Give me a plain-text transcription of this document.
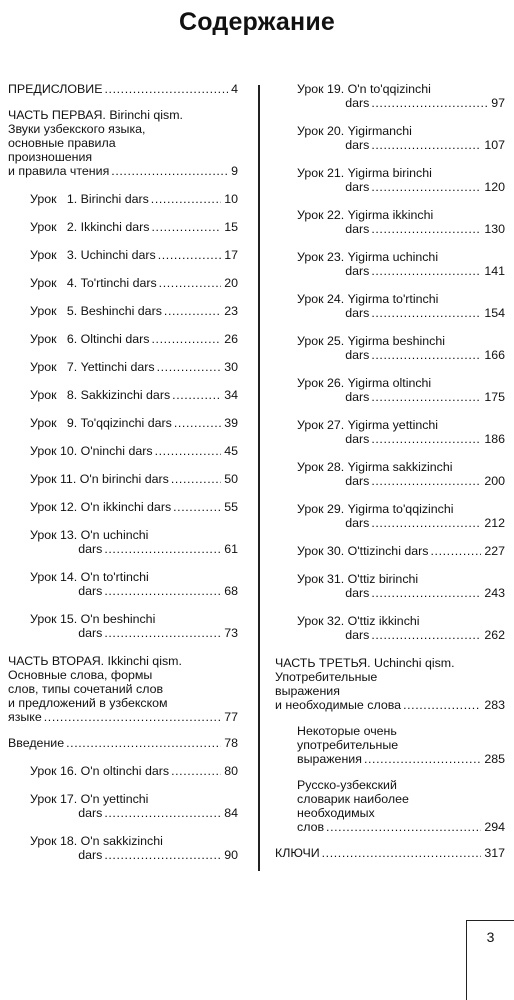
Содержание
ПРЕДИСЛОВИЕ .....	4
ЧАСТЬ ПЕРВАЯ. Birinchi qism.
Звуки узбекского языка,
основные правила
произношения
и правила чтения .....	9
Урок   1. Birinchi dars .....	10
Урок   2. Ikkinchi dars .....	15
Урок   3. Uchinchi dars .....	17
Урок   4. To'rtinchi dars .....	20
Урок   5. Beshinchi dars .....	23
Урок   6. Oltinchi dars .....	26
Урок   7. Yettinchi dars .....	30
Урок   8. Sakkizinchi dars .....	34
Урок   9. To'qqizinchi dars .....	39
Урок 10. O'ninchi dars .....	45
Урок 11. O'n birinchi dars .....	50
Урок 12. O'n ikkinchi dars .....	55
Урок 13. O'n uchinchi
dars .....	61
Урок 14. O'n to'rtinchi
dars .....	68
Урок 15. O'n beshinchi
dars .....	73
ЧАСТЬ ВТОРАЯ. Ikkinchi qism.
Основные слова, формы
слов, типы сочетаний слов
и предложений в узбекском
языке .....	77
Введение .....	78
Урок 16. O'n oltinchi dars .....	80
Урок 17. O'n yettinchi
dars .....	84
Урок 18. O'n sakkizinchi
dars .....	90
Урок 19. O'n to'qqizinchi
dars .....	97
Урок 20. Yigirmanchi
dars .....	107
Урок 21. Yigirma birinchi
dars .....	120
Урок 22. Yigirma ikkinchi
dars .....	130
Урок 23. Yigirma uchinchi
dars .....	141
Урок 24. Yigirma to'rtinchi
dars .....	154
Урок 25. Yigirma beshinchi
dars .....	166
Урок 26. Yigirma oltinchi
dars .....	175
Урок 27. Yigirma yettinchi
dars .....	186
Урок 28. Yigirma sakkizinchi
dars .....	200
Урок 29. Yigirma to'qqizinchi
dars .....	212
Урок 30. O'ttizinchi dars .....	227
Урок 31. O'ttiz birinchi
dars .....	243
Урок 32. O'ttiz ikkinchi
dars .....	262
ЧАСТЬ ТРЕТЬЯ. Uchinchi qism.
Употребительные
выражения
и необходимые слова .....	283
Некоторые очень
употребительные
выражения .....	285
Русско-узбекский
словарик наиболее
необходимых
слов .....	294
КЛЮЧИ .....	317
3
